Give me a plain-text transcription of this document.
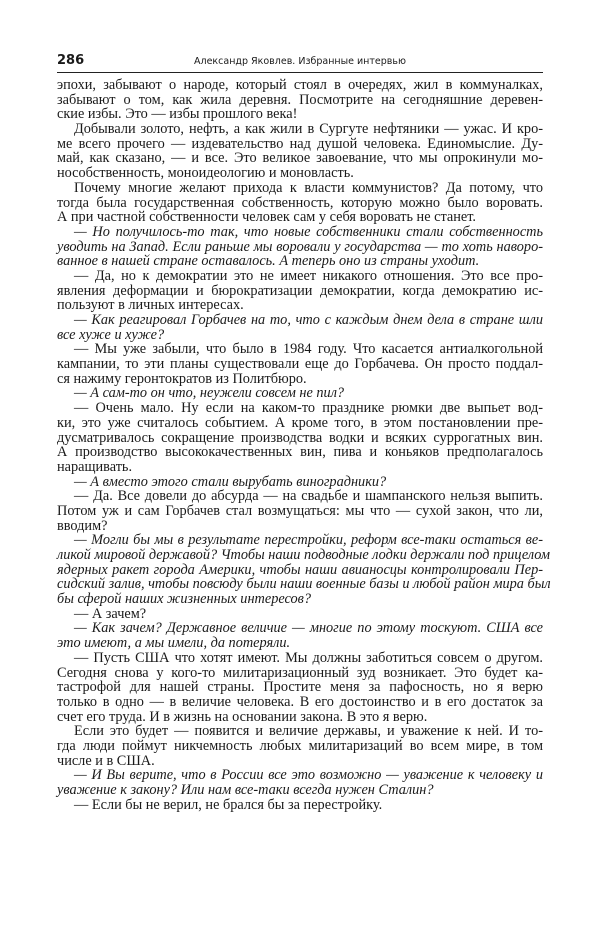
286	Александр Яковлев. Избранные интервью
эпохи, забывают о народе, который стоял в очередях, жил в коммуналках,
забывают о том, как жила деревня. Посмотрите на сегодняшние деревен-
ские избы. Это — избы прошлого века!
Добывали золото, нефть, а как жили в Сургуте нефтяники — ужас. И кро-
ме всего прочего — издевательство над душой человека. Единомыслие. Ду-
май, как сказано, — и все. Это великое завоевание, что мы опрокинули мо-
нособственность, моноидеологию и моновласть.
Почему многие желают прихода к власти коммунистов? Да потому, что
тогда была государственная собственность, которую можно было воровать.
А при частной собственности человек сам у себя воровать не станет.
— Но получилось-то так, что новые собственники стали собственность
уводить на Запад. Если раньше мы воровали у государства — то хоть наворо-
ванное в нашей стране оставалось. А теперь оно из страны уходит.
— Да, но к демократии это не имеет никакого отношения. Это все про-
явления деформации и бюрократизации демократии, когда демократию ис-
пользуют в личных интересах.
— Как реагировал Горбачев на то, что с каждым днем дела в стране шли
все хуже и хуже?
— Мы уже забыли, что было в 1984 году. Что касается антиалкогольной
кампании, то эти планы существовали еще до Горбачева. Он просто поддал-
ся нажиму геронтократов из Политбюро.
— А сам-то он что, неужели совсем не пил?
— Очень мало. Ну если на каком-то празднике рюмки две выпьет вод-
ки, это уже считалось событием. А кроме того, в этом постановлении пре-
дусматривалось сокращение производства водки и всяких суррогатных вин.
А производство высококачественных вин, пива и коньяков предполагалось
наращивать.
— А вместо этого стали вырубать виноградники?
— Да. Все довели до абсурда — на свадьбе и шампанского нельзя выпить.
Потом уж и сам Горбачев стал возмущаться: мы что — сухой закон, что ли,
вводим?
— Могли бы мы в результате перестройки, реформ все-таки остаться ве-
ликой мировой державой? Чтобы наши подводные лодки держали под прицелом
ядерных ракет города Америки, чтобы наши авианосцы контролировали Пер-
сидский залив, чтобы повсюду были наши военные базы и любой район мира был
бы сферой наших жизненных интересов?
— А зачем?
— Как зачем? Державное величие — многие по этому тоскуют. США все
это имеют, а мы имели, да потеряли.
— Пусть США что хотят имеют. Мы должны заботиться совсем о другом.
Сегодня снова у кого-то милитаризационный зуд возникает. Это будет ка-
тастрофой для нашей страны. Простите меня за пафосность, но я верю
только в одно — в величие человека. В его достоинство и в его достаток за
счет его труда. И в жизнь на основании закона. В это я верю.
Если это будет — появится и величие державы, и уважение к ней. И то-
гда люди поймут никчемность любых милитаризаций во всем мире, в том
числе и в США.
— И Вы верите, что в России все это возможно — уважение к человеку и
уважение к закону? Или нам все-таки всегда нужен Сталин?
— Если бы не верил, не брался бы за перестройку.
